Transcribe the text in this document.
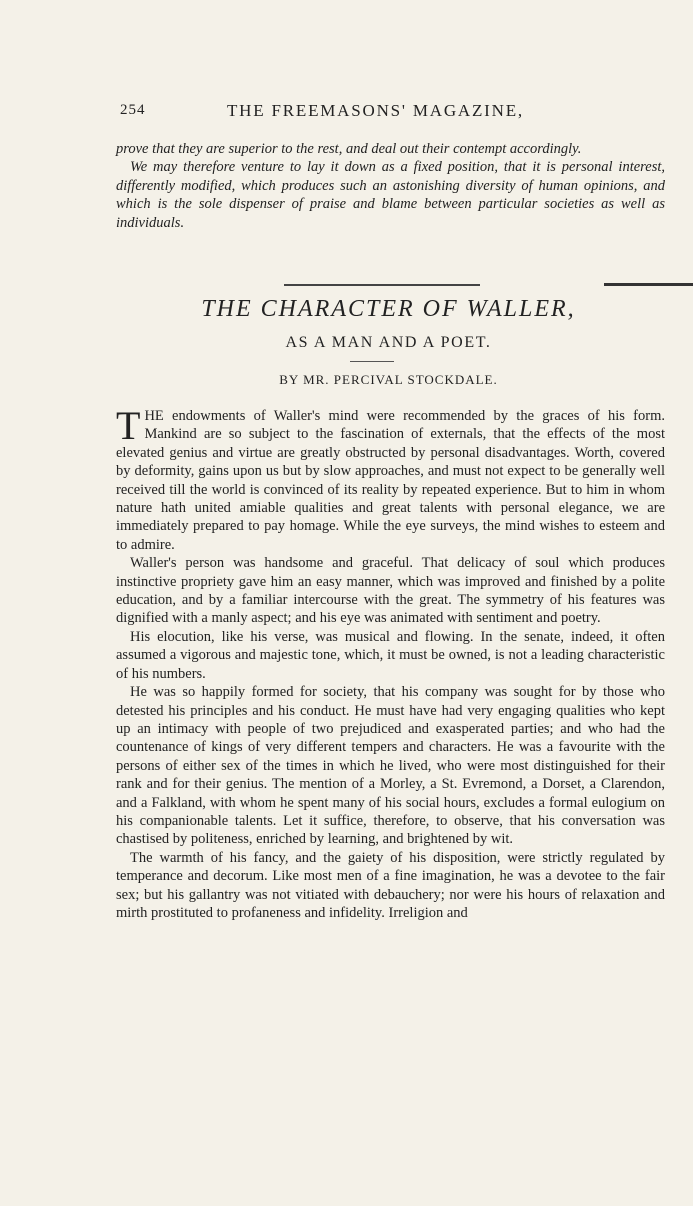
254	THE FREEMASONS' MAGAZINE,

prove that they are superior to the rest, and deal out their contempt accordingly.

We may therefore venture to lay it down as a fixed position, that it is personal interest, differently modified, which produces such an astonishing diversity of human opinions, and which is the sole dispenser of praise and blame between particular societies as well as individuals.

THE CHARACTER OF WALLER,
AS A MAN AND A POET.
BY MR. PERCIVAL STOCKDALE.

THE endowments of Waller's mind were recommended by the graces of his form. Mankind are so subject to the fascination of externals, that the effects of the most elevated genius and virtue are greatly obstructed by personal disadvantages. Worth, covered by deformity, gains upon us but by slow approaches, and must not expect to be generally well received till the world is convinced of its reality by repeated experience. But to him in whom nature hath united amiable qualities and great talents with personal elegance, we are immediately prepared to pay homage. While the eye surveys, the mind wishes to esteem and to admire.

Waller's person was handsome and graceful. That delicacy of soul which produces instinctive propriety gave him an easy manner, which was improved and finished by a polite education, and by a familiar intercourse with the great. The symmetry of his features was dignified with a manly aspect; and his eye was animated with sentiment and poetry.

His elocution, like his verse, was musical and flowing. In the senate, indeed, it often assumed a vigorous and majestic tone, which, it must be owned, is not a leading characteristic of his numbers.

He was so happily formed for society, that his company was sought for by those who detested his principles and his conduct. He must have had very engaging qualities who kept up an intimacy with people of two prejudiced and exasperated parties; and who had the countenance of kings of very different tempers and characters. He was a favourite with the persons of either sex of the times in which he lived, who were most distinguished for their rank and for their genius. The mention of a Morley, a St. Evremond, a Dorset, a Clarendon, and a Falkland, with whom he spent many of his social hours, excludes a formal eulogium on his companionable talents. Let it suffice, therefore, to observe, that his conversation was chastised by politeness, enriched by learning, and brightened by wit.

The warmth of his fancy, and the gaiety of his disposition, were strictly regulated by temperance and decorum. Like most men of a fine imagination, he was a devotee to the fair sex; but his gallantry was not vitiated with debauchery; nor were his hours of relaxation and mirth prostituted to profaneness and infidelity. Irreligion and
